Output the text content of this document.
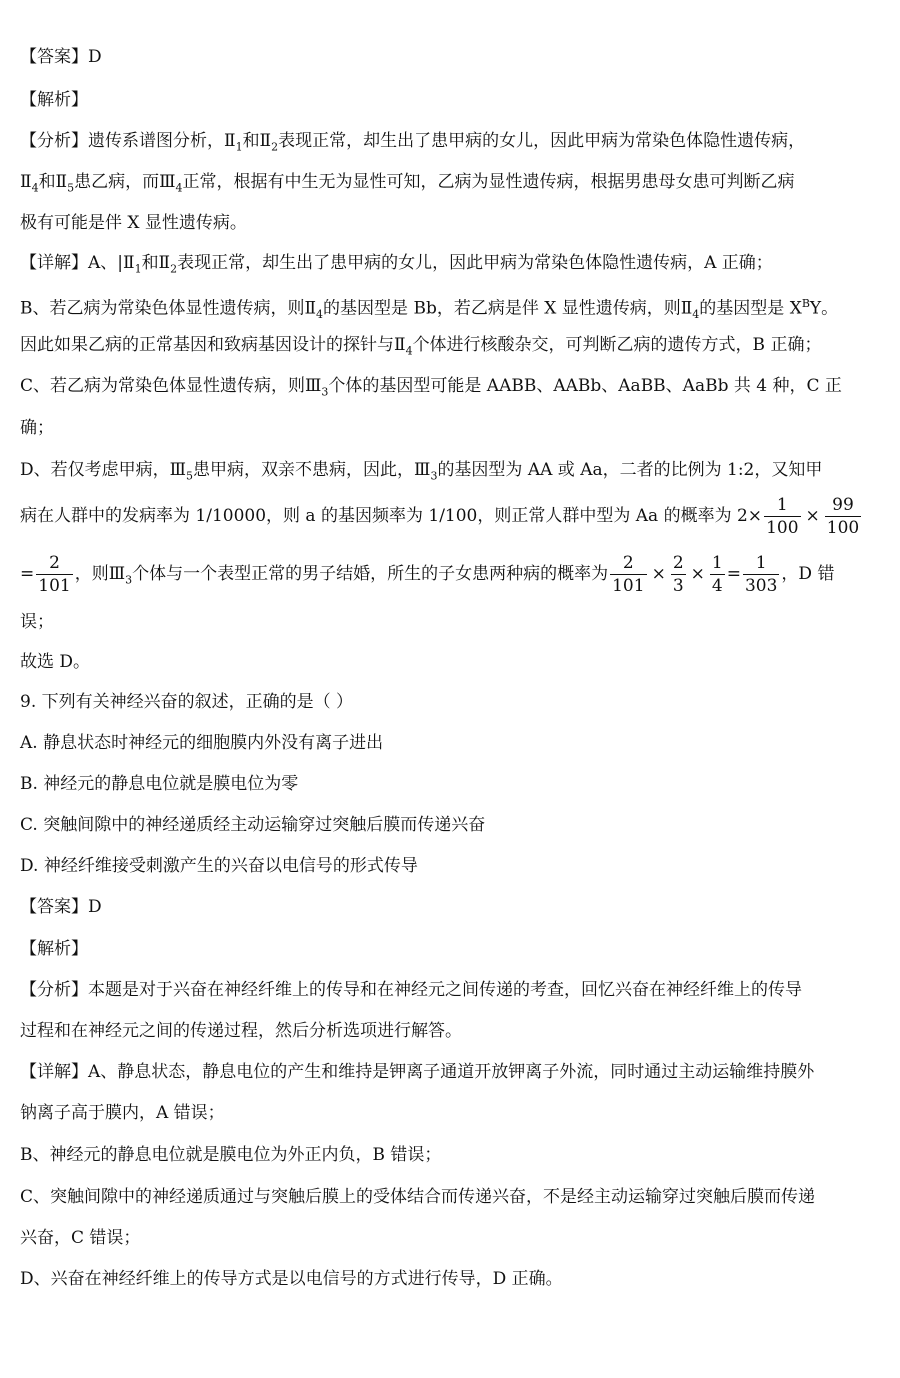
【答案】D
【解析】
【分析】遗传系谱图分析，$Ⅱ_1$和$Ⅱ_2$表现正常，却生出了患甲病的女儿，因此甲病为常染色体隐性遗传病，
$Ⅱ_4$和$Ⅱ_5$患乙病，而$Ⅲ_4$正常，根据有中生无为显性可知，乙病为显性遗传病，根据男患母女患可判断乙病
极有可能是伴 X 显性遗传病。
【详解】A、$|Ⅱ_1$和$Ⅱ_2$表现正常，却生出了患甲病的女儿，因此甲病为常染色体隐性遗传病，A 正确；
B、若乙病为常染色体显性遗传病，则$Ⅱ_4$的基因型是 Bb，若乙病是伴 X 显性遗传病，则$Ⅱ_4$的基因型是 $X^BY$。
因此如果乙病的正常基因和致病基因设计的探针与$Ⅱ_4$个体进行核酸杂交，可判断乙病的遗传方式，B 正确；
C、若乙病为常染色体显性遗传病，则$Ⅲ_3$个体的基因型可能是 AABB、AABb、AaBB、AaBb 共 4 种，C 正
确；
D、若仅考虑甲病，$Ⅲ_5$患甲病，双亲不患病，因此，$Ⅲ_3$的基因型为 AA 或 Aa，二者的比例为 1:2，又知甲
病在人群中的发病率为 1/10000，则 a 的基因频率为 1/100，则正常人群中型为 Aa 的概率为 $2\times \frac{1}{100} \times \frac{99}{100}$
= $\frac{2}{101}$ ，则$Ⅲ_3$个体与一个表型正常的男子结婚，所生的子女患两种病的概率为 $\frac{2}{101} \times \frac{2}{3} \times \frac{1}{4} = \frac{1}{303}$ ，D 错
误；
故选 D。
9. 下列有关神经兴奋的叙述，正确的是（ ）
A. 静息状态时神经元的细胞膜内外没有离子进出
B. 神经元的静息电位就是膜电位为零
C. 突触间隙中的神经递质经主动运输穿过突触后膜而传递兴奋
D. 神经纤维接受刺激产生的兴奋以电信号的形式传导
【答案】D
【解析】
【分析】本题是对于兴奋在神经纤维上的传导和在神经元之间传递的考查，回忆兴奋在神经纤维上的传导
过程和在神经元之间的传递过程，然后分析选项进行解答。
【详解】A、静息状态，静息电位的产生和维持是钾离子通道开放钾离子外流，同时通过主动运输维持膜外
钠离子高于膜内，A 错误；
B、神经元的静息电位就是膜电位为外正内负，B 错误；
C、突触间隙中的神经递质通过与突触后膜上的受体结合而传递兴奋，不是经主动运输穿过突触后膜而传递
兴奋，C 错误；
D、兴奋在神经纤维上的传导方式是以电信号的方式进行传导，D 正确。
